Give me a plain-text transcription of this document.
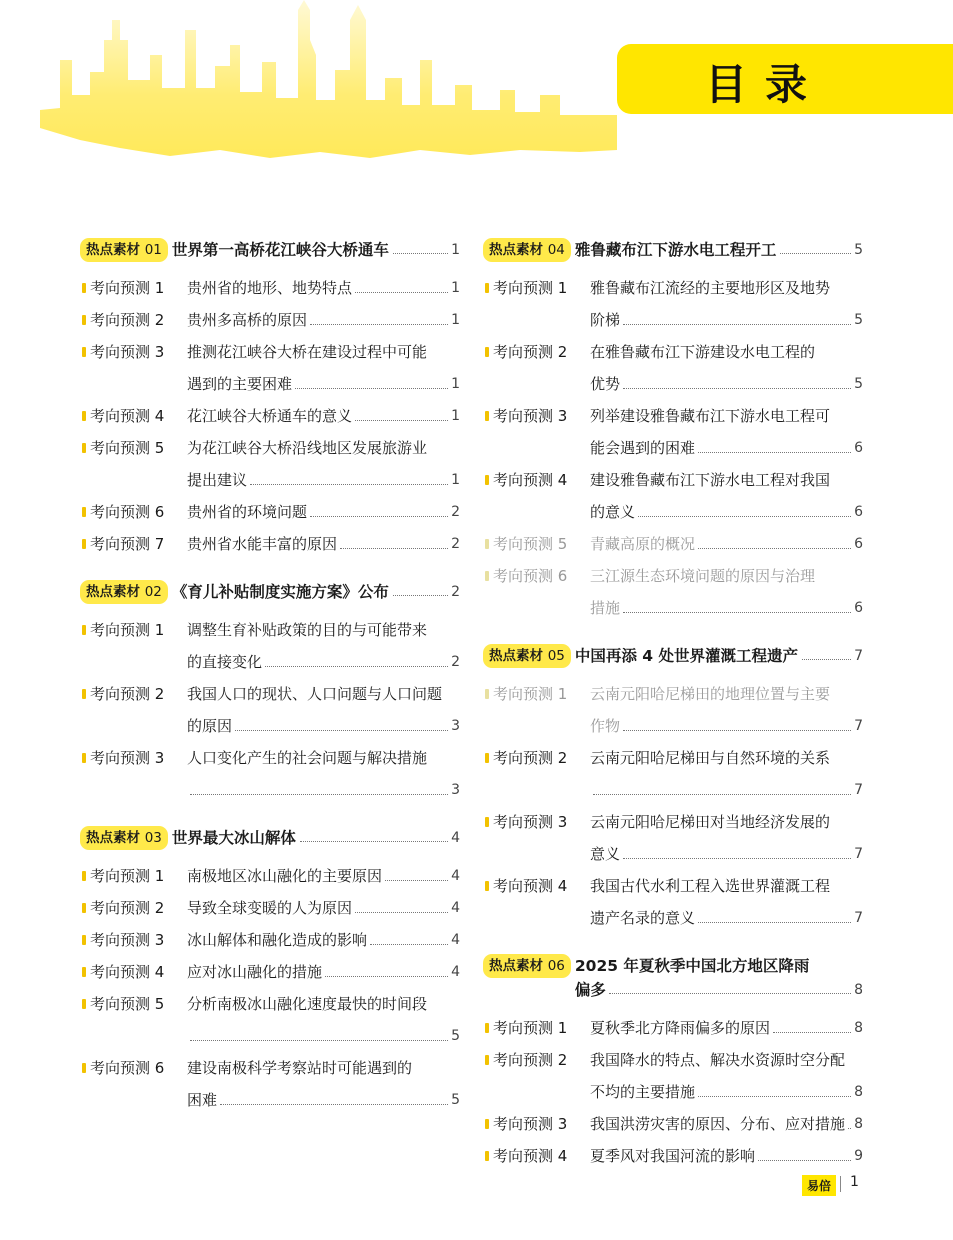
目录
热点素材 01 世界第一高桥花江峡谷大桥通车	1
考向预测 1	贵州省的地形、地势特点	1
考向预测 2	贵州多高桥的原因	1
考向预测 3	推测花江峡谷大桥在建设过程中可能
遇到的主要困难	1
考向预测 4	花江峡谷大桥通车的意义	1
考向预测 5	为花江峡谷大桥沿线地区发展旅游业
提出建议	1
考向预测 6	贵州省的环境问题	2
考向预测 7	贵州省水能丰富的原因	2
热点素材 02 《育儿补贴制度实施方案》公布	2
考向预测 1	调整生育补贴政策的目的与可能带来
的直接变化	2
考向预测 2	我国人口的现状、人口问题与人口问题
的原因	3
考向预测 3	人口变化产生的社会问题与解决措施
3
热点素材 03 世界最大冰山解体	4
考向预测 1	南极地区冰山融化的主要原因	4
考向预测 2	导致全球变暖的人为原因	4
考向预测 3	冰山解体和融化造成的影响	4
考向预测 4	应对冰山融化的措施	4
考向预测 5	分析南极冰山融化速度最快的时间段
5
考向预测 6	建设南极科学考察站时可能遇到的
困难	5
热点素材 04 雅鲁藏布江下游水电工程开工	5
考向预测 1	雅鲁藏布江流经的主要地形区及地势
阶梯	5
考向预测 2	在雅鲁藏布江下游建设水电工程的
优势	5
考向预测 3	列举建设雅鲁藏布江下游水电工程可
能会遇到的困难	6
考向预测 4	建设雅鲁藏布江下游水电工程对我国
的意义	6
考向预测 5	青藏高原的概况	6
考向预测 6	三江源生态环境问题的原因与治理
措施	6
热点素材 05 中国再添 4 处世界灌溉工程遗产	7
考向预测 1	云南元阳哈尼梯田的地理位置与主要
作物	7
考向预测 2	云南元阳哈尼梯田与自然环境的关系
7
考向预测 3	云南元阳哈尼梯田对当地经济发展的
意义	7
考向预测 4	我国古代水利工程入选世界灌溉工程
遗产名录的意义	7
热点素材 06 2025 年夏秋季中国北方地区降雨
偏多	8
考向预测 1	夏秋季北方降雨偏多的原因	8
考向预测 2	我国降水的特点、解决水资源时空分配
不均的主要措施	8
考向预测 3	我国洪涝灾害的原因、分布、应对措施 8
考向预测 4	夏季风对我国河流的影响	9
易倍	1
